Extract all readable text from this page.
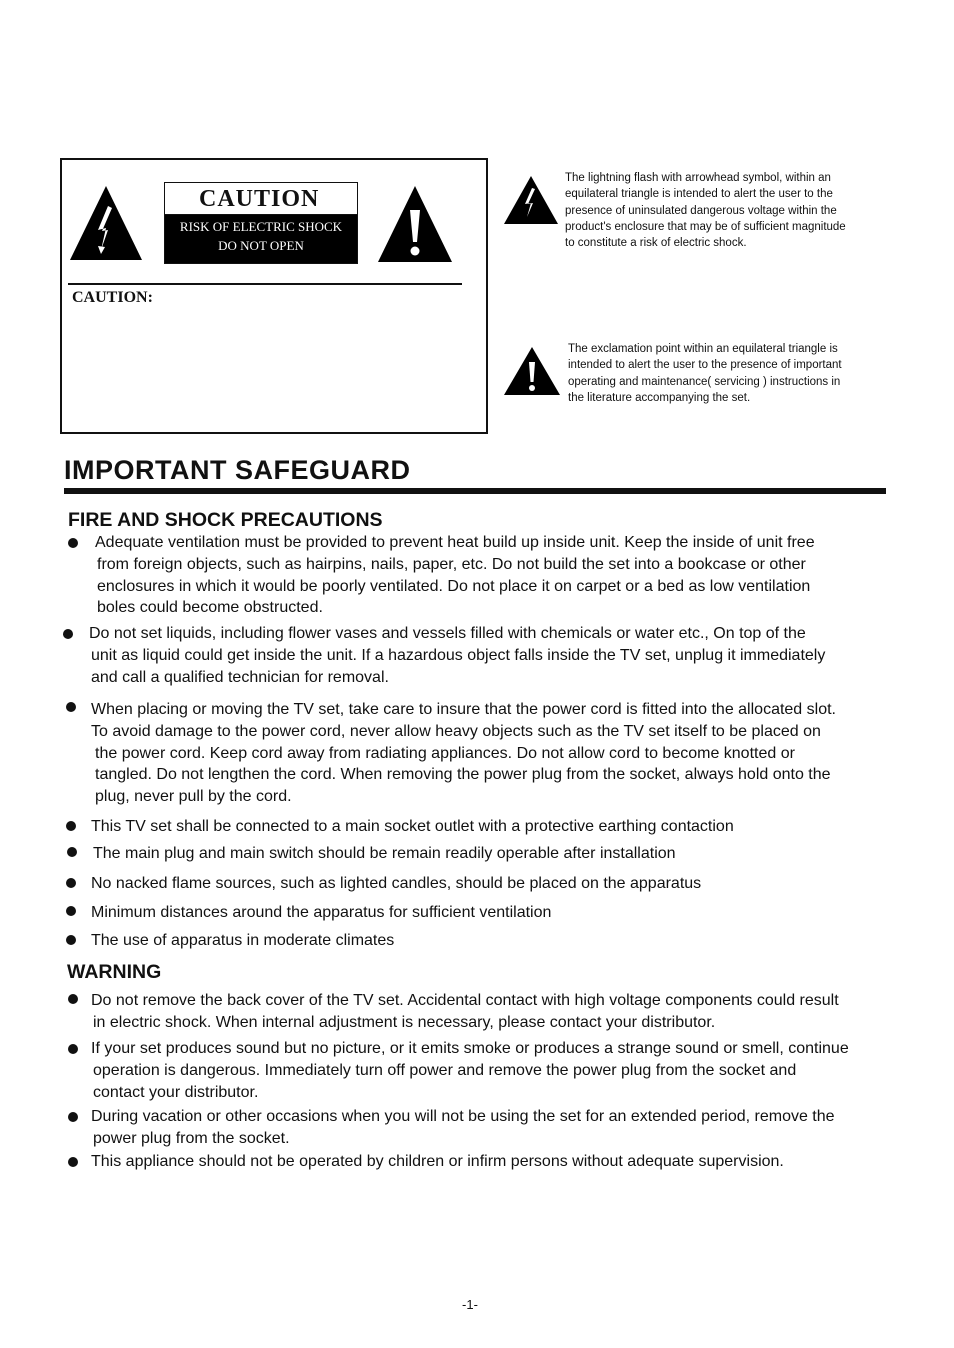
CAUTION
RISK OF ELECTRIC SHOCK
DO NOT OPEN
CAUTION:
The lightning flash with arrowhead symbol, within an
equilateral triangle is intended to alert the user to the
presence of uninsulated dangerous voltage within the
product's enclosure that may be of sufficient magnitude
to constitute a risk of electric shock.
The exclamation point within an equilateral triangle is
intended to alert the user to the presence of important
operating and maintenance( servicing ) instructions in
the literature accompanying the set.
IMPORTANT SAFEGUARD
FIRE AND SHOCK PRECAUTIONS
Adequate ventilation must be provided to prevent heat build up inside unit. Keep the inside of unit free
from foreign objects, such as hairpins, nails, paper, etc. Do not build the set into a bookcase or other
enclosures in which it would be poorly ventilated. Do not place it on carpet or a bed as low ventilation
boles could become obstructed.
Do not set liquids, including flower vases and vessels filled with chemicals or water etc., On top of the
unit as liquid could get inside the unit. If a hazardous object falls inside the TV set, unplug it immediately
and call a qualified technician for removal.
When placing or moving the TV set, take care to insure that the power cord is fitted into the allocated slot.
To avoid damage to the power cord, never allow heavy objects such as the TV set itself to be placed on
the power cord. Keep cord away from radiating appliances. Do not allow cord to become knotted or
tangled. Do not lengthen the cord. When removing the power plug from the socket, always hold onto the
plug, never pull by the cord.
This TV set shall be connected to a main socket outlet with a protective earthing contaction
The main plug and main switch should be remain readily operable after installation
No nacked flame sources, such as lighted candles, should be placed on the apparatus
Minimum distances around the apparatus for sufficient ventilation
The use of apparatus in moderate climates
WARNING
Do not remove the back cover of the TV set. Accidental contact with high voltage components could result
in electric shock. When internal adjustment is necessary, please contact your distributor.
If your set produces sound but no picture, or it emits smoke or produces a strange sound or smell, continue
operation is dangerous. Immediately turn off power and remove the power plug from the socket and
contact your distributor.
During vacation or other occasions when you will not be using the set for an extended period, remove the
power plug from the socket.
This appliance should not be operated by children or infirm persons without adequate supervision.
-1-
